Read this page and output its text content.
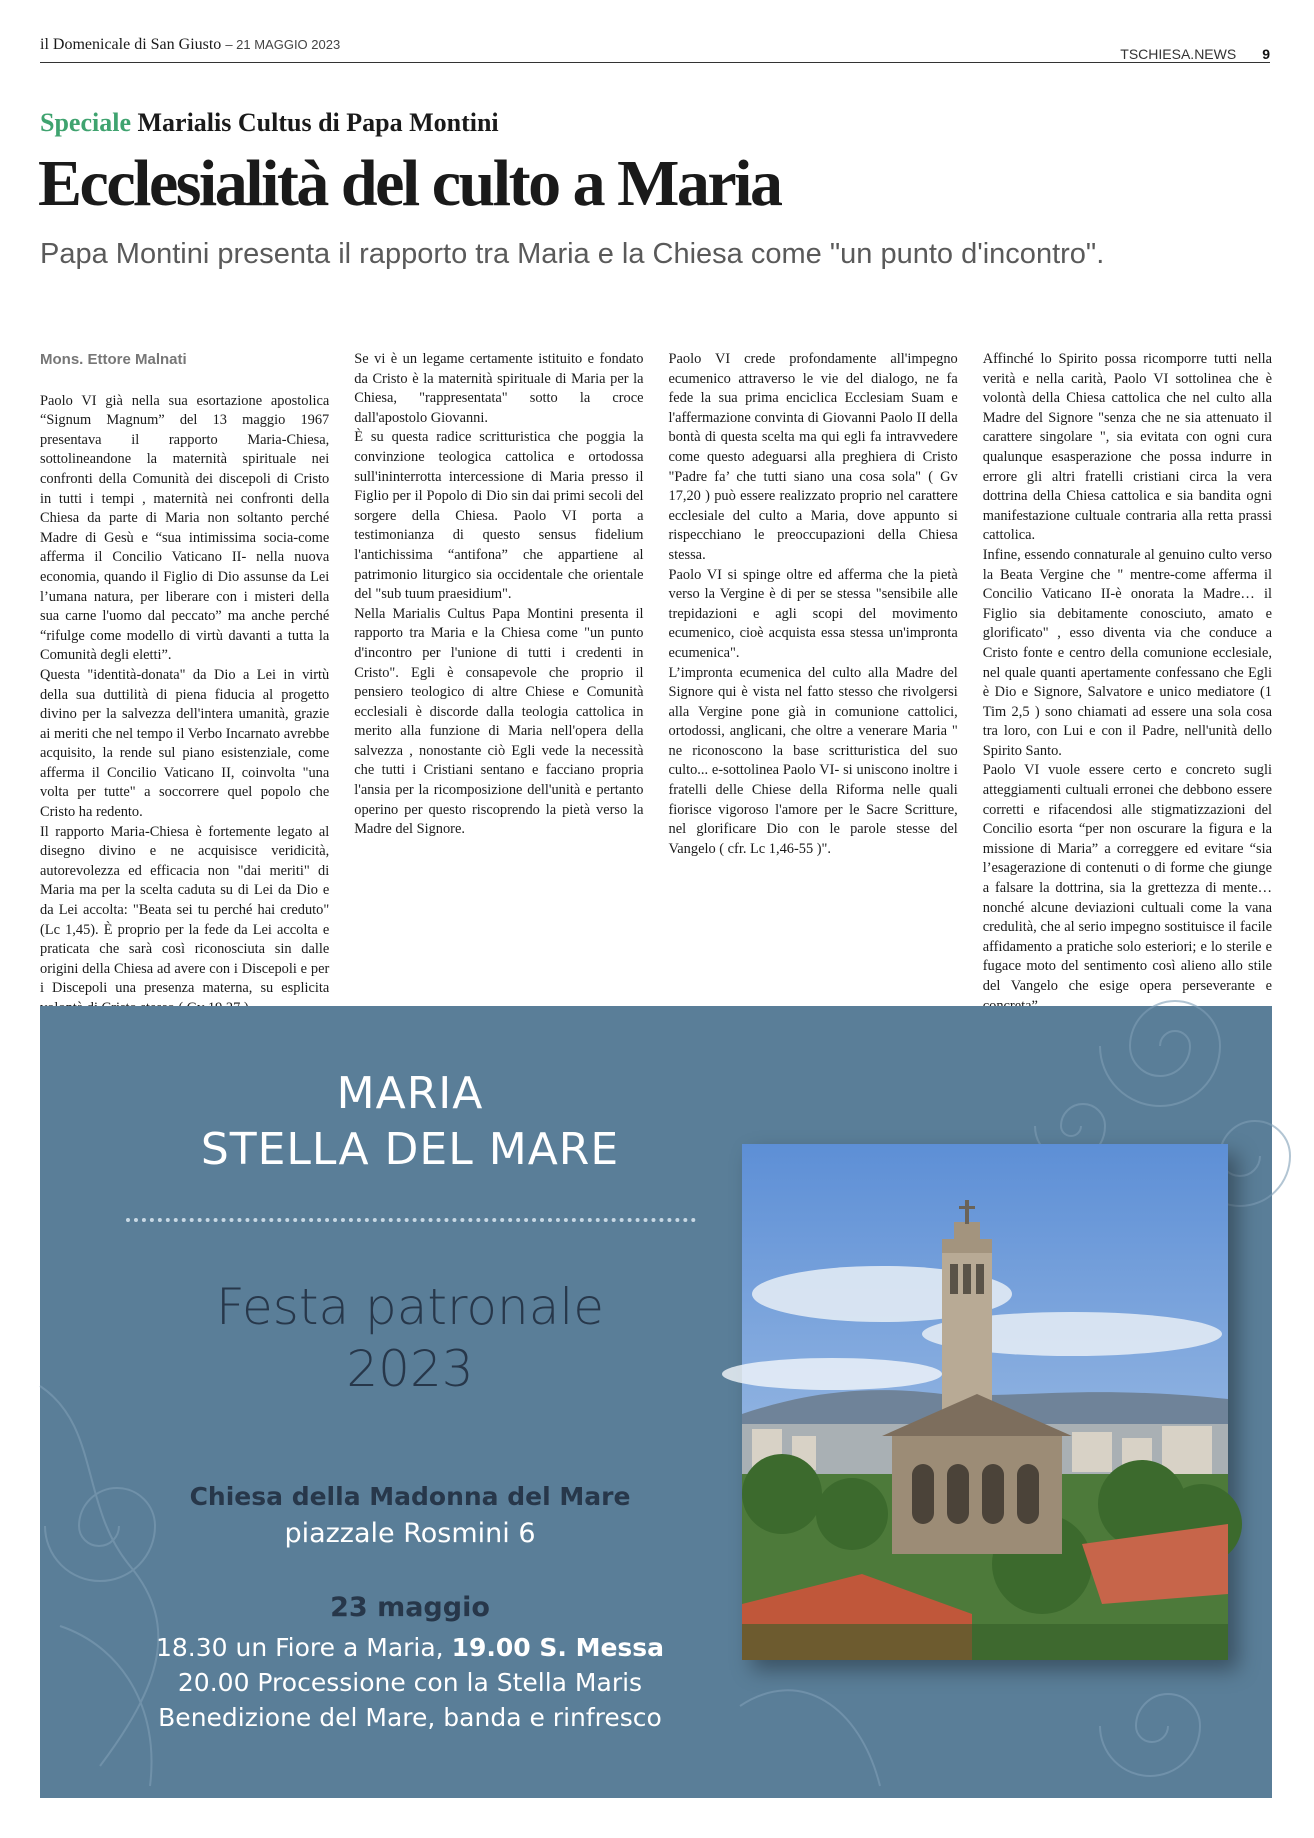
il Domenicale di San Giusto – 21 MAGGIO 2023
TSCHIESA.NEWS 9
Speciale Marialis Cultus di Papa Montini
Ecclesialità del culto a Maria
Papa Montini presenta il rapporto tra Maria e la Chiesa come "un punto d'incontro".

Mons. Ettore Malnati

Paolo VI già nella sua esortazione apostolica “Signum Magnum” del 13 maggio 1967 presentava il rapporto Maria-Chiesa, sottolineandone la maternità spirituale nei confronti della Comunità dei discepoli di Cristo in tutti i tempi , maternità nei confronti della Chiesa da parte di Maria non soltanto perché Madre di Gesù e “sua intimissima socia-come afferma il Concilio Vaticano II- nella nuova economia, quando il Figlio di Dio assunse da Lei l’umana natura, per liberare con i misteri della sua carne l'uomo dal peccato” ma anche perché “rifulge come modello di virtù davanti a tutta la Comunità degli eletti”.

Questa "identità-donata" da Dio a Lei in virtù della sua duttilità di piena fiducia al progetto divino per la salvezza dell'intera umanità, grazie ai meriti che nel tempo il Verbo Incarnato avrebbe acquisito, la rende sul piano esistenziale, come afferma il Concilio Vaticano II, coinvolta "una volta per tutte" a soccorrere quel popolo che Cristo ha redento.

Il rapporto Maria-Chiesa è fortemente legato al disegno divino e ne acquisisce veridicità, autorevolezza ed efficacia non "dai meriti" di Maria ma per la scelta caduta su di Lei da Dio e da Lei accolta: "Beata sei tu perché hai creduto" (Lc 1,45). È proprio per la fede da Lei accolta e praticata che sarà così riconosciuta sin dalle origini della Chiesa ad avere con i Discepoli e per i Discepoli una presenza materna, su esplicita

Se vi è un legame certamente istituito e fondato da Cristo è la maternità spirituale di Maria per la Chiesa, "rappresentata" sotto la croce dall'apostolo Giovanni.

È su questa radice scritturistica che poggia la convinzione teologica cattolica e ortodossa sull'ininterrotta intercessione di Maria presso il Figlio per il Popolo di Dio sin dai primi secoli del sorgere della Chiesa. Paolo VI porta a testimonianza di questo sensus fidelium l'antichissima “antifona” che appartiene al patrimonio liturgico sia occidentale che orientale del "sub tuum praesidium".

Nella Marialis Cultus Papa Montini presenta il rapporto tra Maria e la Chiesa come "un punto d'incontro per l'unione di tutti i credenti in Cristo". Egli è consapevole che proprio il pensiero teologico di altre Chiese e Comunità ecclesiali è discorde dalla teologia cattolica in merito alla funzione di Maria nell'opera della salvezza , nonostante ciò Egli vede la necessità che tutti i Cristiani sentano e facciano propria l'ansia per la ricomposizione dell'unità e pertanto operino per questo riscoprendo la pietà verso la Madre del Signore.

Paolo VI crede profondamente all'impegno ecumenico attraverso le vie del dialogo, ne fa fede la sua prima enciclica Ecclesiam Suam e l'affermazione convinta di Giovanni Paolo II della bontà di questa scelta ma qui egli fa intravvedere come questo adeguarsi alla preghiera di Cristo "Padre fa’ che tutti siano una cosa sola" ( Gv 17,20 ) può essere realizzato proprio nel carattere ecclesiale del culto a Maria, dove appunto si rispecchiano le preoccupazioni della Chiesa stessa.

Paolo VI si spinge oltre ed afferma che la pietà verso la Vergine è di per se stessa "sensibile alle trepidazioni e agli scopi del movimento ecumenico, cioè acquista essa stessa un'impronta ecumenica".

L’impronta ecumenica del culto alla Madre del Signore qui è vista nel fatto stesso che rivolgersi alla Vergine pone già in comunione cattolici, ortodossi, anglicani, che oltre a venerare Maria " ne riconoscono la base scritturistica del suo culto... e-sottolinea Paolo VI- si uniscono inoltre i fratelli delle Chiese della Riforma nelle quali fiorisce vigoroso l'amore per le Sacre Scritture, nel glorificare Dio con le parole stesse del Vangelo ( cfr. Lc 1,46-55 )".

Affinché lo Spirito possa ricomporre tutti nella verità e nella carità, Paolo VI sottolinea che è volontà della Chiesa cattolica che nel culto alla Madre del Signore "senza che ne sia attenuato il carattere singolare ", sia evitata con ogni cura qualunque esasperazione che possa indurre in errore gli altri fratelli cristiani circa la vera dottrina della Chiesa cattolica e sia bandita ogni manifestazione cultuale contraria alla retta prassi cattolica.

Infine, essendo connaturale al genuino culto verso la Beata Vergine che " mentre-come afferma il Concilio Vaticano II-è onorata la Madre… il Figlio sia debitamente conosciuto, amato e glorificato" , esso diventa via che conduce a Cristo fonte e centro della comunione ecclesiale, nel quale quanti apertamente confessano che Egli è Dio e Signore, Salvatore e unico mediatore (1 Tim 2,5 ) sono chiamati ad essere una sola cosa tra loro, con Lui e con il Padre, nell'unità dello Spirito Santo.

Paolo VI vuole essere certo e concreto sugli atteggiamenti cultuali erronei che debbono essere corretti e rifacendosi alle stigmatizzazioni del Concilio esorta “per non oscurare la figura e la missione di Maria” a correggere ed evitare “sia l’esagerazione di contenuti o di forme che giunge a falsare la dottrina, sia la grettezza di mente… nonché alcune deviazioni cultuali come la vana credulità, che al serio impegno sostituisce il facile affidamento a pratiche solo esteriori; e lo sterile e fugace moto del sentimento così alieno allo stile del Vangelo che esige opera perseverante e

MARIA
STELLA DEL MARE
Festa patronale
2023
Chiesa della Madonna del Mare
piazzale Rosmini 6
23 maggio
18.30 un Fiore a Maria, 19.00 S. Messa
20.00 Processione con la Stella Maris
Benedizione del Mare, banda e rinfresco
